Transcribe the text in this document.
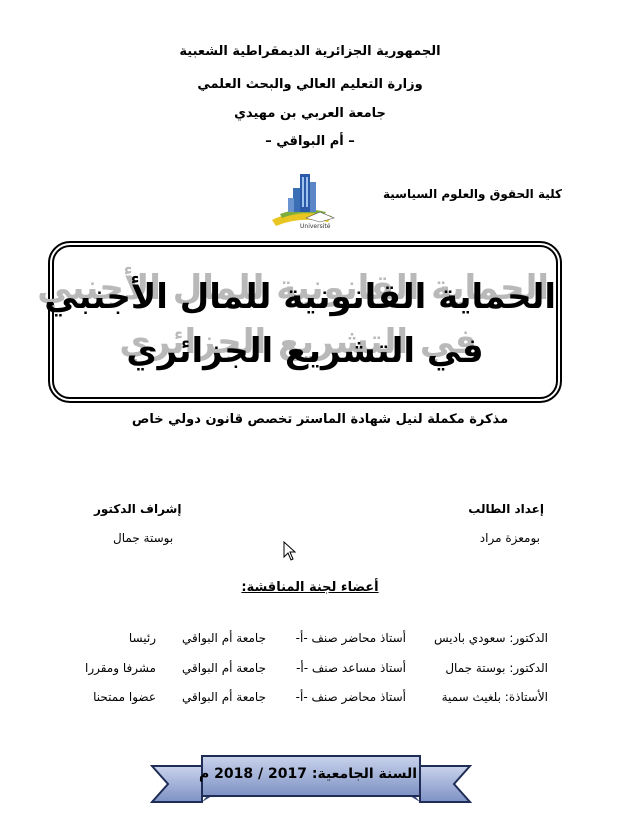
الجمهورية الجزائرية الديمقراطية الشعبية
وزارة التعليم العالي والبحث العلمي
جامعة العربي بن مهيدي
– أم البواقي –
كلية الحقوق والعلوم السياسية
Université
الحماية القانونية للمال الأجنبي
في التشريع الجزائري
مذكرة مكملة لنيل شهادة الماستر تخصص قانون دولي خاص
إعداد الطالب
بومعزة مراد
إشراف الدكتور
بوستة جمال
أعضاء لجنة المناقشة:
الدكتور: سعودي باديس
أستاذ محاضر صنف -أ-
جامعة أم البواقي
رئيسا
الدكتور: بوستة جمال
أستاذ مساعد صنف -أ-
جامعة أم البواقي
مشرفا ومقررا
الأستاذة: بلغيث سمية
أستاذ محاضر صنف -أ-
جامعة أم البواقي
عضوا ممتحنا
السنة الجامعية: 2017 / 2018 م
